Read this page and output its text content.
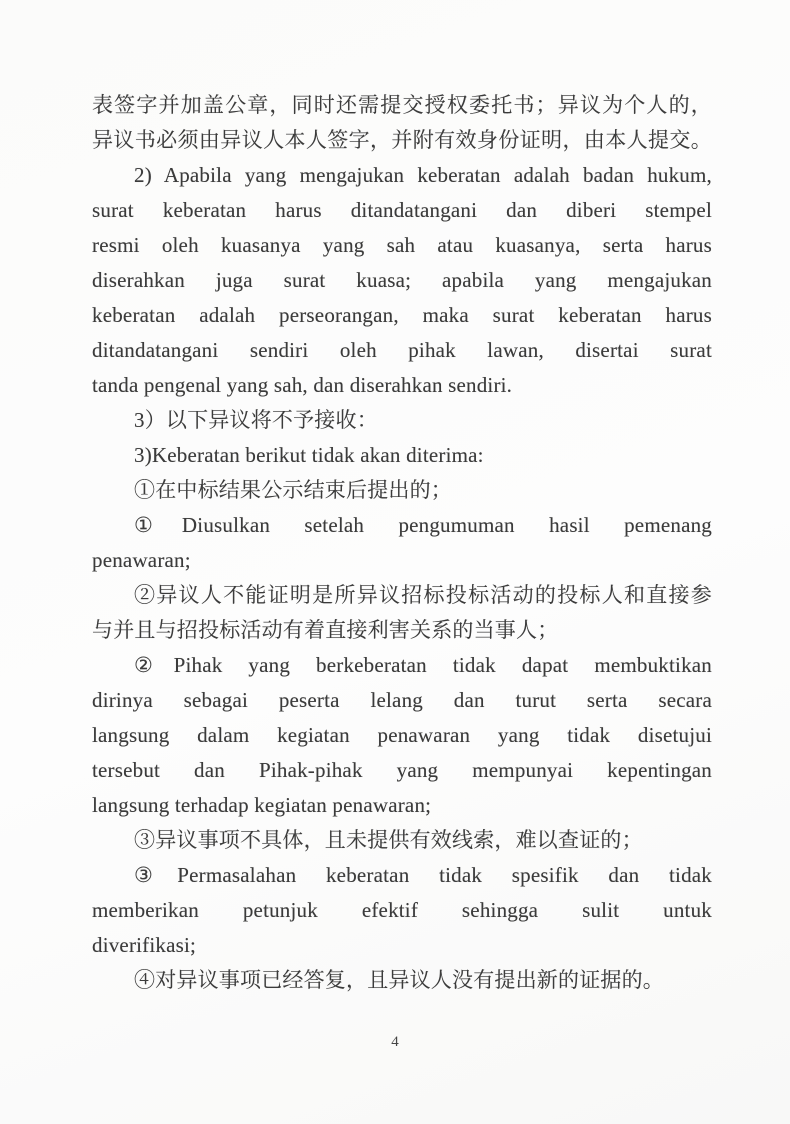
表签字并加盖公章，同时还需提交授权委托书；异议为个人的，
异议书必须由异议人本人签字，并附有效身份证明，由本人提交。
2) Apabila yang mengajukan keberatan adalah badan hukum,
surat keberatan harus ditandatangani dan diberi stempel
resmi oleh kuasanya yang sah atau kuasanya, serta harus
diserahkan juga surat kuasa; apabila yang mengajukan
keberatan adalah perseorangan, maka surat keberatan harus
ditandatangani sendiri oleh pihak lawan, disertai surat
tanda pengenal yang sah, dan diserahkan sendiri.
3）以下异议将不予接收：
3)Keberatan berikut tidak akan diterima:
①在中标结果公示结束后提出的；
①Diusulkan setelah pengumuman hasil pemenang
penawaran;
②异议人不能证明是所异议招标投标活动的投标人和直接参
与并且与招投标活动有着直接利害关系的当事人；
②Pihak yang berkeberatan tidak dapat membuktikan
dirinya sebagai peserta lelang dan turut serta secara
langsung dalam kegiatan penawaran yang tidak disetujui
tersebut dan Pihak-pihak yang mempunyai kepentingan
langsung terhadap kegiatan penawaran;
③异议事项不具体，且未提供有效线索，难以查证的；
③Permasalahan keberatan tidak spesifik dan tidak
memberikan petunjuk efektif sehingga sulit untuk
diverifikasi;
④对异议事项已经答复，且异议人没有提出新的证据的。
4
